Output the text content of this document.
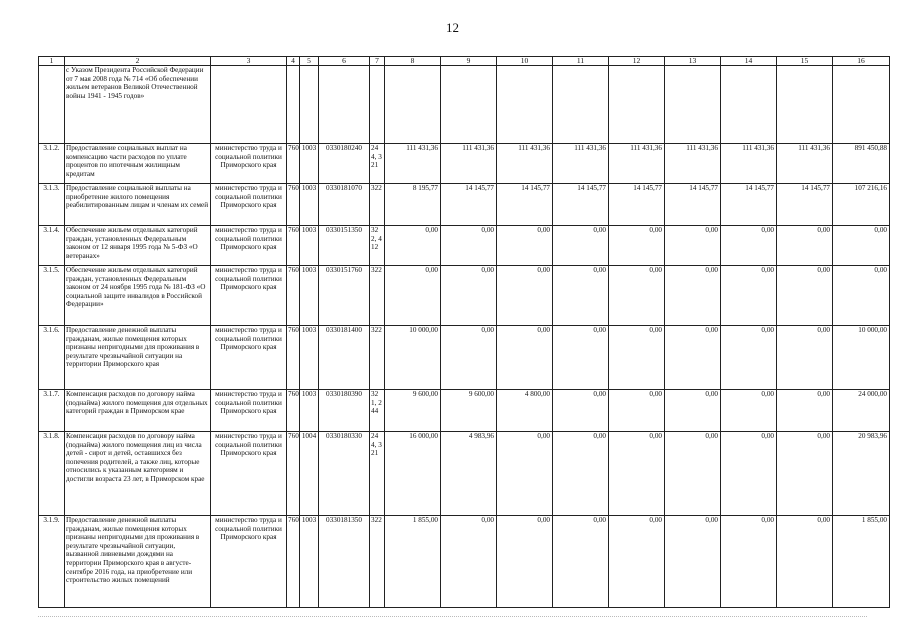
12
1	2	3	4	5	6	7	8	9	10	11	12	13	14	15	16
	с Указом Президента Российской Федерации от 7 мая 2008 года № 714 «Об обеспечении жильем ветеранов Великой Отечественной войны 1941 - 1945 годов»														
3.1.2.	Предоставление социальных выплат на компенсацию части расходов по уплате процентов по ипотечным жилищным кредитам	министерство труда и социальной политики Приморского края	760	1003	0330180240	244, 321	111 431,36	111 431,36	111 431,36	111 431,36	111 431,36	111 431,36	111 431,36	111 431,36	891 450,88
3.1.3.	Предоставление социальной выплаты на приобретение жилого помещения реабилитированным лицам и членам их семей	министерство труда и социальной политики Приморского края	760	1003	0330181070	322	8 195,77	14 145,77	14 145,77	14 145,77	14 145,77	14 145,77	14 145,77	14 145,77	107 216,16
3.1.4.	Обеспечение жильем отдельных категорий граждан, установленных Федеральным законом от 12 января 1995 года № 5-ФЗ «О ветеранах»	министерство труда и социальной политики Приморского края	760	1003	0330151350	322, 412	0,00	0,00	0,00	0,00	0,00	0,00	0,00	0,00	0,00
3.1.5.	Обеспечение жильем отдельных категорий граждан, установленных Федеральным законом от 24 ноября 1995 года № 181-ФЗ «О социальной защите инвалидов в Российской Федерации»	министерство труда и социальной политики Приморского края	760	1003	0330151760	322	0,00	0,00	0,00	0,00	0,00	0,00	0,00	0,00	0,00
3.1.6.	Предоставление денежной выплаты гражданам, жилые помещения которых признаны непригодными для проживания в результате чрезвычайной ситуации на территории Приморского края	министерство труда и социальной политики Приморского края	760	1003	0330181400	322	10 000,00	0,00	0,00	0,00	0,00	0,00	0,00	0,00	10 000,00
3.1.7.	Компенсация расходов по договору найма (поднайма) жилого помещения для отдельных категорий граждан в Приморском крае	министерство труда и социальной политики Приморского края	760	1003	0330180390	321, 244	9 600,00	9 600,00	4 800,00	0,00	0,00	0,00	0,00	0,00	24 000,00
3.1.8.	Компенсация расходов по договору найма (поднайма) жилого помещения лиц из числа детей - сирот и детей, оставшихся без попечения родителей, а также лиц, которые относились к указанным категориям и достигли возраста 23 лет, в Приморском крае	министерство труда и социальной политики Приморского края	760	1004	0330180330	244, 321	16 000,00	4 983,96	0,00	0,00	0,00	0,00	0,00	0,00	20 983,96
3.1.9.	Предоставление денежной выплаты гражданам, жилые помещения которых признаны непригодными для проживания в результате чрезвычайной ситуации, вызванной ливневыми дождями на территории Приморского края в августе-сентябре 2016 года, на приобретение или строительство жилых помещений	министерство труда и социальной политики Приморского края	760	1003	0330181350	322	1 855,00	0,00	0,00	0,00	0,00	0,00	0,00	0,00	1 855,00
